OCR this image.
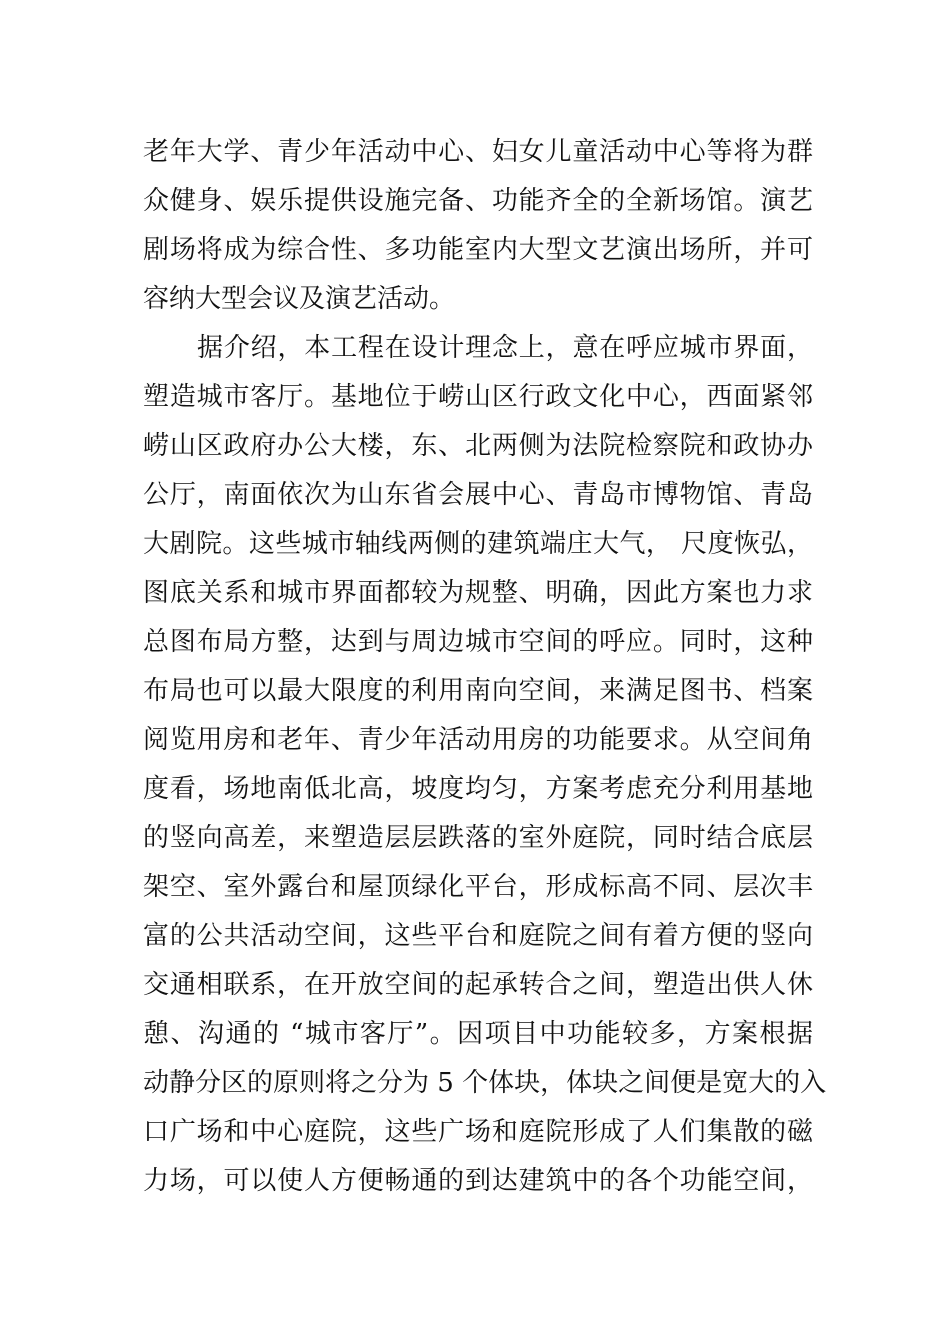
老年大学、青少年活动中心、妇女儿童活动中心等将为群
众健身、娱乐提供设施完备、功能齐全的全新场馆。演艺
剧场将成为综合性、多功能室内大型文艺演出场所，并可
容纳大型会议及演艺活动。
据介绍，本工程在设计理念上，意在呼应城市界面，
塑造城市客厅。基地位于崂山区行政文化中心，西面紧邻
崂山区政府办公大楼，东、北两侧为法院检察院和政协办
公厅，南面依次为山东省会展中心、青岛市博物馆、青岛
大剧院。这些城市轴线两侧的建筑端庄大气， 尺度恢弘，
图底关系和城市界面都较为规整、明确，因此方案也力求
总图布局方整，达到与周边城市空间的呼应。同时，这种
布局也可以最大限度的利用南向空间，来满足图书、档案
阅览用房和老年、青少年活动用房的功能要求。从空间角
度看，场地南低北高，坡度均匀，方案考虑充分利用基地
的竖向高差，来塑造层层跌落的室外庭院，同时结合底层
架空、室外露台和屋顶绿化平台，形成标高不同、层次丰
富的公共活动空间，这些平台和庭院之间有着方便的竖向
交通相联系，在开放空间的起承转合之间，塑造出供人休
憩、沟通的 “城市客厅”。因项目中功能较多，方案根据
动静分区的原则将之分为 5 个体块，体块之间便是宽大的入
口广场和中心庭院，这些广场和庭院形成了人们集散的磁
力场，可以使人方便畅通的到达建筑中的各个功能空间，
